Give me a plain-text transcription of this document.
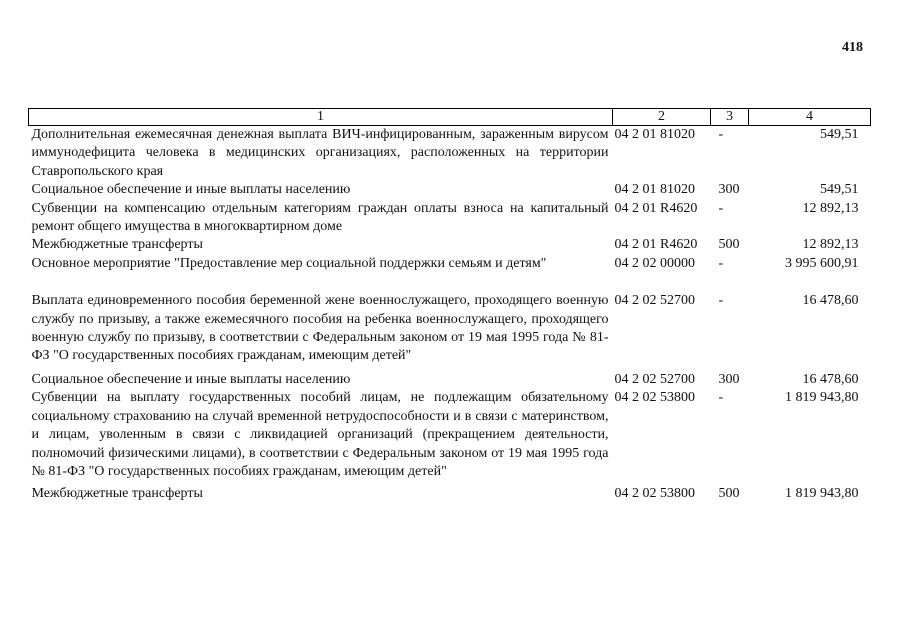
418
1	2	3	4
Дополнительная ежемесячная денежная выплата ВИЧ-инфицированным, зараженным вирусом иммунодефицита человека в медицинских организациях, расположенных на территории Ставропольского края	04 2 01 81020	-	549,51
Социальное обеспечение и иные выплаты населению	04 2 01 81020	300	549,51
Субвенции на компенсацию отдельным категориям граждан оплаты взноса на капитальный ремонт общего имущества в многоквартирном доме	04 2 01 R4620	-	12 892,13
Межбюджетные трансферты	04 2 01 R4620	500	12 892,13
Основное мероприятие "Предоставление мер социальной поддержки семьям и детям"	04 2 02 00000	-	3 995 600,91
Выплата единовременного пособия беременной жене военнослужащего, проходящего военную службу по призыву, а также ежемесячного пособия на ребенка военнослужащего, проходящего военную службу по призыву, в соответствии с Федеральным законом от 19 мая 1995 года № 81-ФЗ "О государственных пособиях гражданам, имеющим детей"	04 2 02 52700	-	16 478,60
Социальное обеспечение и иные выплаты населению	04 2 02 52700	300	16 478,60
Субвенции на выплату государственных пособий лицам, не подлежащим обязательному социальному страхованию на случай временной нетрудоспособности и в связи с материнством, и лицам, уволенным в связи с ликвидацией организаций (прекращением деятельности, полномочий физическими лицами), в соответствии с Федеральным законом от 19 мая 1995 года № 81-ФЗ "О государственных пособиях гражданам, имеющим детей"	04 2 02 53800	-	1 819 943,80
Межбюджетные трансферты	04 2 02 53800	500	1 819 943,80
